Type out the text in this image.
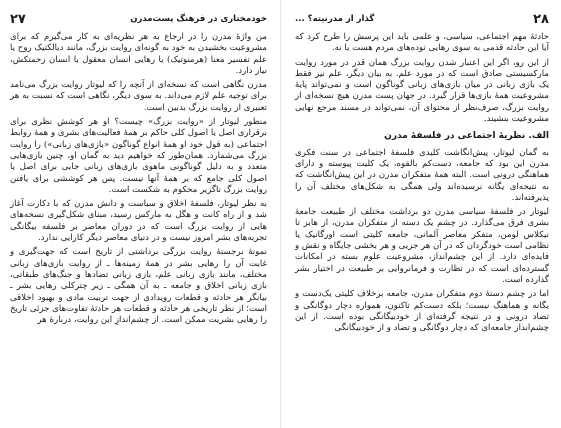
خودمختاری در فرهنگ پست‌مدرن
۲۷

من واژهٔ مدرن را در ارجاع به هر نظریه‌ای به کار می‌گیرم که برای مشروعیت بخشیدن به خود به گونه‌ای روایت بزرگ، مانند دیالکتیک روح یا علم تفسیر معنا (هرمنوتیک) یا رهایی انسان معقول یا انسان زحمتکش، نیاز دارد.

مدرن نگاهی است که نسخه‌ای از آنچه را که لیوتار روایت بزرگ می‌نامد برای توجیه علم لازم می‌داند. به سوی دیگر، نگاهی است که نسبت به هر تعبیری از روایت بزرگ بدبین است.

منظور لیوتار از «روایت بزرگ» چیست؟ او هر کوشش نظری برای برقراری اصل یا اصول کلی حاکم بر همهٔ فعالیت‌های بشری و همهٔ روابط اجتماعی (به قول خود او همهٔ انواع گوناگون «بازی‌های زبانی») را روایت بزرگ می‌شمارد. همان‌طور که خواهیم دید به گمان او، چنین بازی‌هایی متعدد و به دلیل گوناگونی ماهوی بازی‌های زبانی جایی برای اصل یا اصول کلی جامع که بر همهٔ آنها نیست. پس هر کوششی برای یافتن روایت بزرگ ناگزیر محکوم به شکست است.

به نظر لیوتار، فلسفهٔ اخلاق و سیاست و دانش مدرن که با دکارت آغاز شد و از راه کانت و هگل به مارکس رسید، مبنای شکل‌گیری نسخه‌های هایی از روایت بزرگ است که در دوران معاصر بر فلسفه بیگانگی تجربه‌های بشر امروز نیست و در دنیای معاصر دیگر کارایی ندارد.

نمونهٔ برجستهٔ روایت بزرگی برداشتی از تاریخ است که جهت‌گیری و غایت آن را رهایی بشر در همهٔ زمینه‌ها ـ از روایت بازی‌های زبانی مختلف، مانند بازی زبانی علم، بازی زبانی تضادها و جنگ‌های طبقاتی، بازی زبانی اخلاق و جامعه ـ به آن همگی ـ زیر چترکلی رهایی بشر ـ بیانگر هر حادثه و قطعات رویدادی از جهت تربیت مادی و بهبود اخلاقی است؛ از نظر تاریخی هر حادثه و قطعات هر حادثهٔ تفاوت‌های جزئی تاریخ را رهایی بشریت ممکن است. از چشم‌اندازِ این روایت، دربارهٔ هر

۲۸
گذار از مدرنیته؟ ...

حادثهٔ مهم اجتماعی، سیاسی، و علمی باید این پرسش را طرح کرد که آیا این حادثه قدمی به سوی رهایی توده‌های مردم هست یا نه.

از این رو، اگر این اعتبار شدن روایت بزرگ همان قدر در مورد روایت مارکسیستی صادق است که در مورد علم. به بیان دیگر، علم نیز فقط یک بازی زبانی در میان بازی‌های زبانی گوناگون است و نمی‌تواند پایهٔ مشروعیت همهٔ بازی‌ها قرار گیرد. در جهان پست مدرن هیچ نسخه‌ای از روایت بزرگ، صرف‌نظر از محتوای آن، نمی‌تواند در مسند مرجع نهایی مشروعیت بنشیند.

الف. نظریهٔ اجتماعی در فلسفهٔ مدرن

به گمان لیوتار، پیش‌انگاشت کلیدی فلسفهٔ اجتماعی در سنت فکری مدرن این بود که جامعه، دست‌کم بالقوه، یک کلیت پیوسته و دارای هماهنگی درونی است. البته همهٔ متفکران مدرن در این پیش‌انگاشت که به نتیجه‌ای یگانه نرسیده‌اند ولی همگی به شکل‌های مختلف آن را پذیرفته‌اند.

لیوتار در فلسفهٔ سیاسی مدرن دو برداشت مختلف از طبیعت جامعهٔ بشری فرق می‌گذارد. در چشم یک دسته از متفکران مدرن، از هابز تا نیکلاس لومن، متفکر معاصر آلمانی، جامعه کلیتی است اورگانیک یا نظامی است خودگردان که در آن هر جزیی و هر بخشی جایگاه و نقش و فایده‌ای دارد. از این چشم‌انداز، مشروعیت علوم بسته در امکانات گسترده‌ای است که در نظارت و فرمانروایی بر طبیعت در اختیار بشر گذارده است.

اما در چشم دستهٔ دوم متفکران مدرن، جامعه برخلاف کلیتی یک‌دست و یگانه و هماهنگ نیست؛ بلکه دست‌کم تاکنون، همواره دچار دوگانگی و تضاد درونی و در نتیجه گرفته‌ای از خودبیگانگی بوده است. از این چشم‌انداز جامعه‌ای که دچار دوگانگی و تضاد و از خودبیگانگی
